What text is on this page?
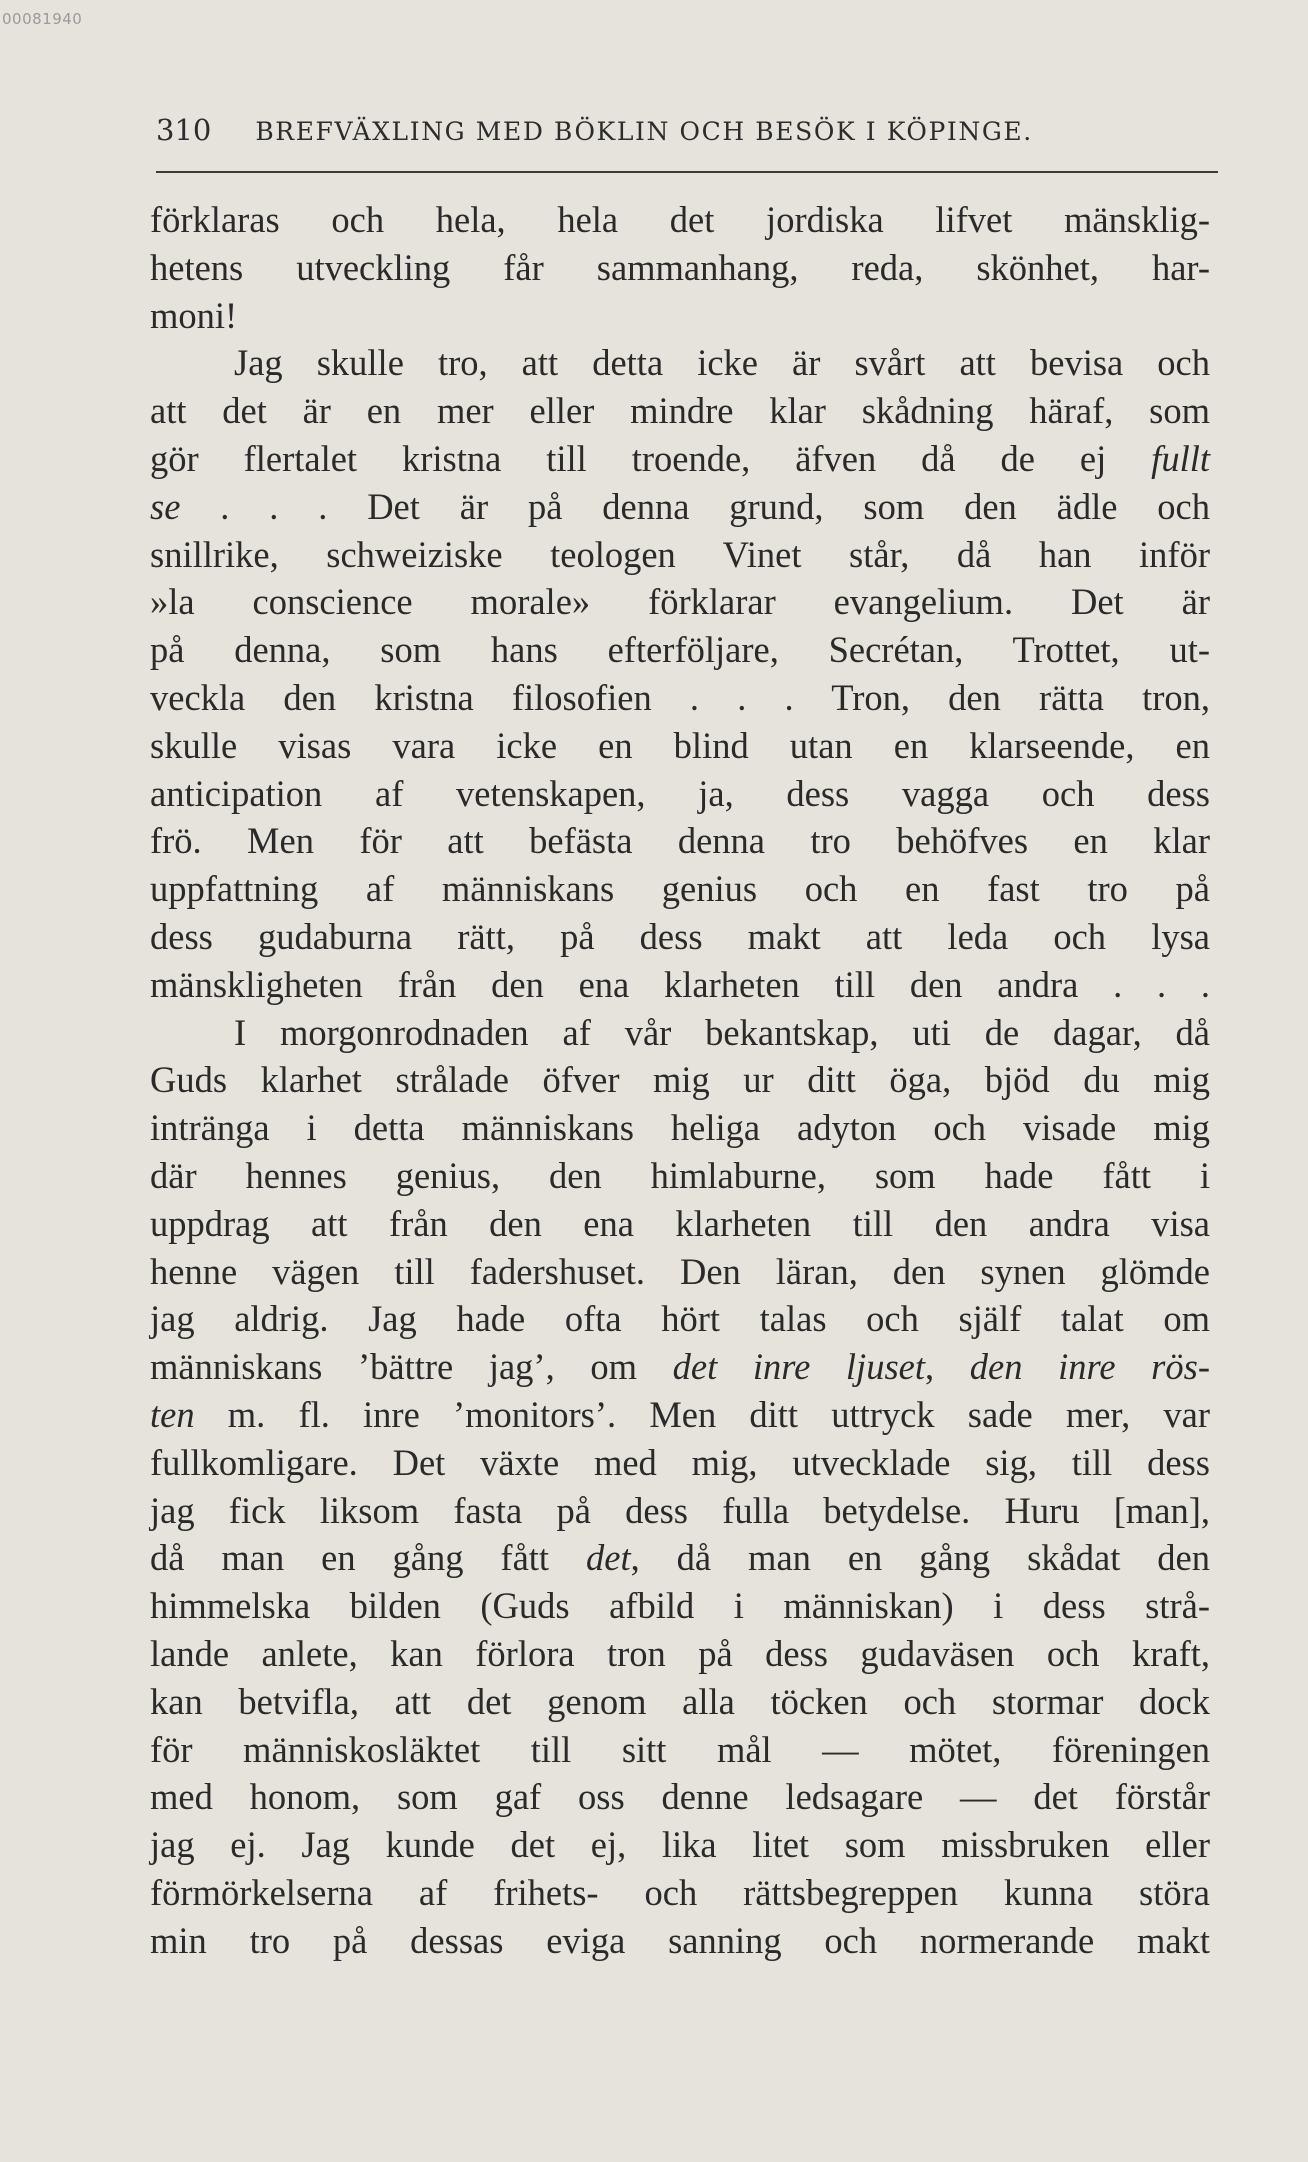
00081940
310 BREFVÄXLING MED BÖKLIN OCH BESÖK I KÖPINGE.
förklaras och hela, hela det jordiska lifvet mänsklig-
hetens utveckling får sammanhang, reda, skönhet, har-
moni!
Jag skulle tro, att detta icke är svårt att bevisa och
att det är en mer eller mindre klar skådning häraf, som
gör flertalet kristna till troende, äfven då de ej fullt
se . . . Det är på denna grund, som den ädle och
snillrike, schweiziske teologen Vinet står, då han inför
»la conscience morale» förklarar evangelium. Det är
på denna, som hans efterföljare, Secrétan, Trottet, ut-
veckla den kristna filosofien . . . Tron, den rätta tron,
skulle visas vara icke en blind utan en klarseende, en
anticipation af vetenskapen, ja, dess vagga och dess
frö. Men för att befästa denna tro behöfves en klar
uppfattning af människans genius och en fast tro på
dess gudaburna rätt, på dess makt att leda och lysa
mänskligheten från den ena klarheten till den andra . . .
I morgonrodnaden af vår bekantskap, uti de dagar, då
Guds klarhet strålade öfver mig ur ditt öga, bjöd du mig
intränga i detta människans heliga adyton och visade mig
där hennes genius, den himlaburne, som hade fått i
uppdrag att från den ena klarheten till den andra visa
henne vägen till fadershuset. Den läran, den synen glömde
jag aldrig. Jag hade ofta hört talas och själf talat om
människans ’bättre jag’, om det inre ljuset, den inre rös-
ten m. fl. inre ’monitors’. Men ditt uttryck sade mer, var
fullkomligare. Det växte med mig, utvecklade sig, till dess
jag fick liksom fasta på dess fulla betydelse. Huru [man],
då man en gång fått det, då man en gång skådat den
himmelska bilden (Guds afbild i människan) i dess strå-
lande anlete, kan förlora tron på dess gudaväsen och kraft,
kan betvifla, att det genom alla töcken och stormar dock
för människosläktet till sitt mål — mötet, föreningen
med honom, som gaf oss denne ledsagare — det förstår
jag ej. Jag kunde det ej, lika litet som missbruken eller
förmörkelserna af frihets- och rättsbegreppen kunna störa
min tro på dessas eviga sanning och normerande makt
